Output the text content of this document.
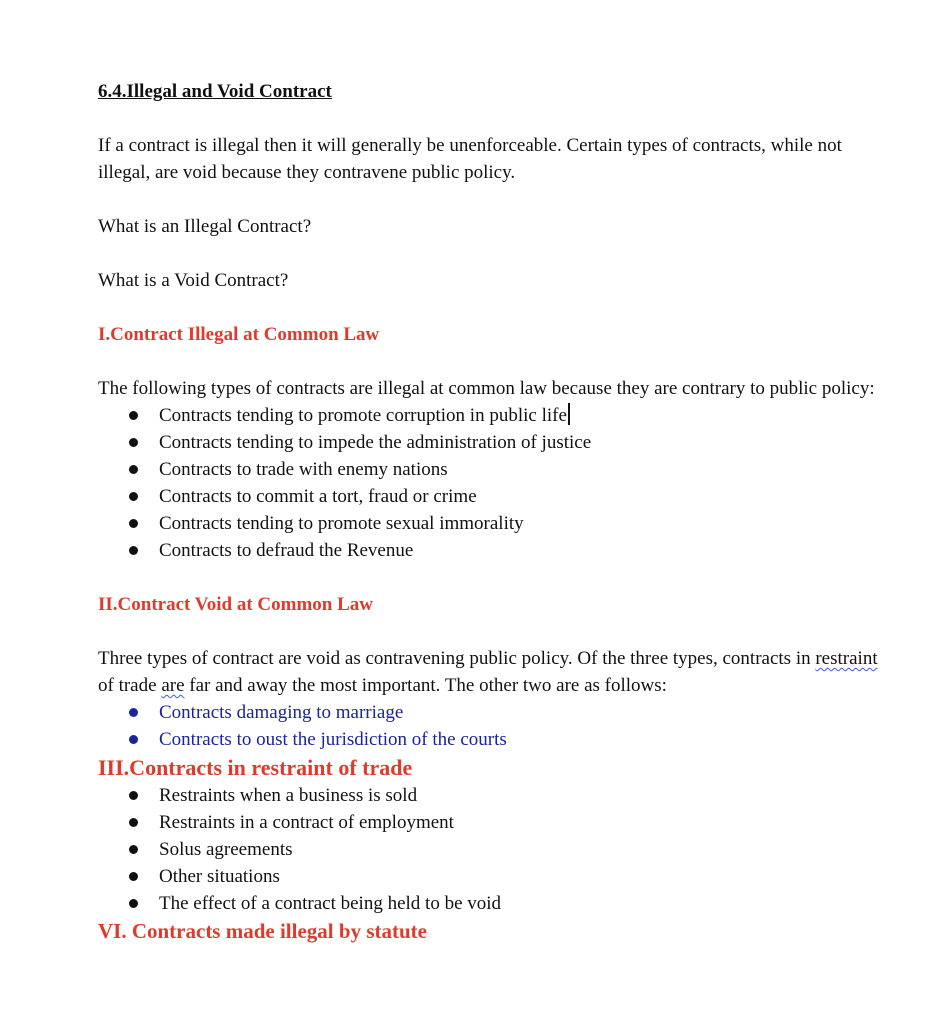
6.4.Illegal and Void Contract

If a contract is illegal then it will generally be unenforceable. Certain types of contracts, while not illegal, are void because they contravene public policy.

What is an Illegal Contract?

What is a Void Contract?

I.Contract Illegal at Common Law

The following types of contracts are illegal at common law because they are contrary to public policy:

Contracts tending to promote corruption in public life
Contracts tending to impede the administration of justice
Contracts to trade with enemy nations
Contracts to commit a tort, fraud or crime
Contracts tending to promote sexual immorality
Contracts to defraud the Revenue
II.Contract Void at Common Law

Three types of contract are void as contravening public policy. Of the three types, contracts in restraint of trade are far and away the most important. The other two are as follows:

Contracts damaging to marriage
Contracts to oust the jurisdiction of the courts
III.Contracts in restraint of trade
Restraints when a business is sold
Restraints in a contract of employment
Solus agreements
Other situations
The effect of a contract being held to be void
VI. Contracts made illegal by statute
